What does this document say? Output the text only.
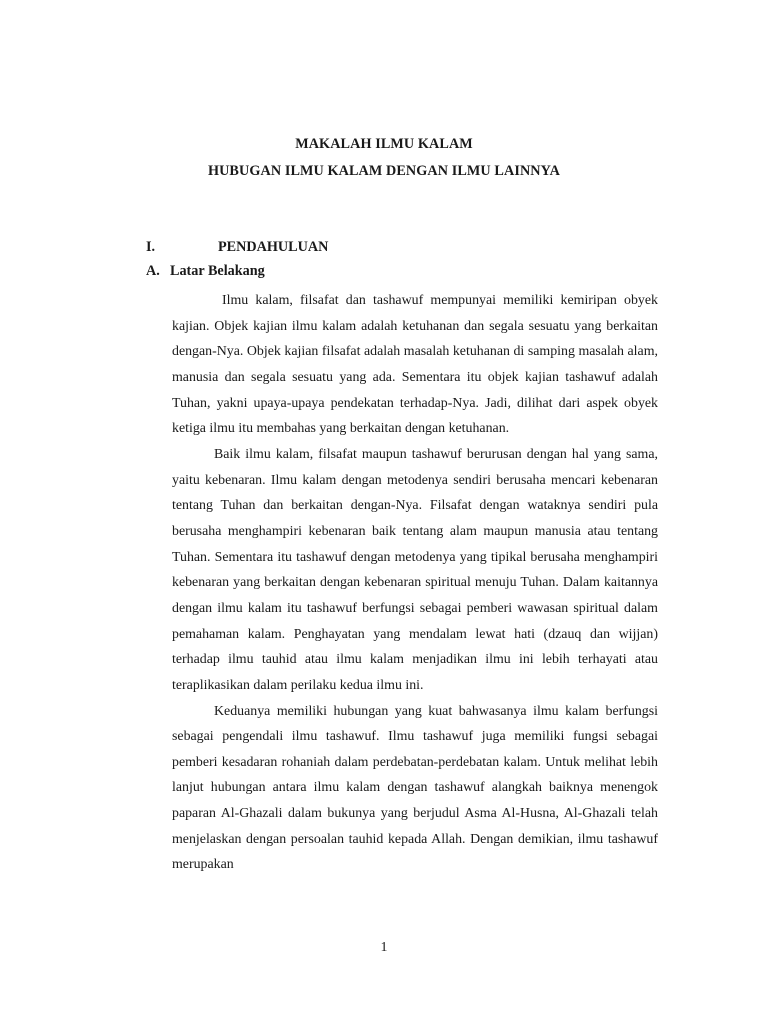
MAKALAH ILMU KALAM
HUBUGAN ILMU KALAM DENGAN ILMU LAINNYA
I.	PENDAHULUAN
A. Latar Belakang

Ilmu kalam, filsafat dan tashawuf mempunyai memiliki kemiripan obyek kajian. Objek kajian ilmu kalam adalah ketuhanan dan segala sesuatu yang berkaitan dengan-Nya. Objek kajian filsafat adalah masalah ketuhanan di samping masalah alam, manusia dan segala sesuatu yang ada. Sementara itu objek kajian tashawuf adalah Tuhan, yakni upaya-upaya pendekatan terhadap-Nya. Jadi, dilihat dari aspek obyek ketiga ilmu itu membahas yang berkaitan dengan ketuhanan.

Baik ilmu kalam, filsafat maupun tashawuf berurusan dengan hal yang sama, yaitu kebenaran. Ilmu kalam dengan metodenya sendiri berusaha mencari kebenaran tentang Tuhan dan berkaitan dengan-Nya. Filsafat dengan wataknya sendiri pula berusaha menghampiri kebenaran baik tentang alam maupun manusia atau tentang Tuhan. Sementara itu tashawuf dengan metodenya yang tipikal berusaha menghampiri kebenaran yang berkaitan dengan kebenaran spiritual menuju Tuhan. Dalam kaitannya dengan ilmu kalam itu tashawuf berfungsi sebagai pemberi wawasan spiritual dalam pemahaman kalam. Penghayatan yang mendalam lewat hati (dzauq dan wijjan) terhadap ilmu tauhid atau ilmu kalam menjadikan ilmu ini lebih terhayati atau teraplikasikan dalam perilaku kedua ilmu ini.

Keduanya memiliki hubungan yang kuat bahwasanya ilmu kalam berfungsi sebagai pengendali ilmu tashawuf. Ilmu tashawuf juga memiliki fungsi sebagai pemberi kesadaran rohaniah dalam perdebatan-perdebatan kalam. Untuk melihat lebih lanjut hubungan antara ilmu kalam dengan tashawuf alangkah baiknya menengok paparan Al-Ghazali dalam bukunya yang berjudul Asma Al-Husna, Al-Ghazali telah menjelaskan dengan persoalan tauhid kepada Allah. Dengan demikian, ilmu tashawuf merupakan

1
